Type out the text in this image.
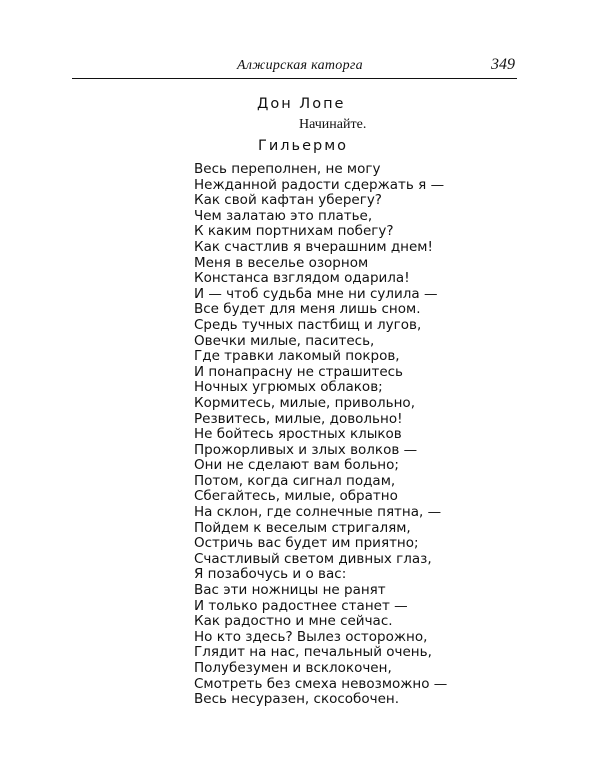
Алжирская каторга	349
Дон Лопе
Начинайте.
Гильермо
Весь переполнен, не могу
Нежданной радости сдержать я —
Как свой кафтан уберегу?
Чем залатаю это платье,
К каким портнихам побегу?
Как счастлив я вчерашним днем!
Меня в веселье озорном
Констанса взглядом одарила!
И — чтоб судьба мне ни сулила —
Все будет для меня лишь сном.
Средь тучных пастбищ и лугов,
Овечки милые, паситесь,
Где травки лакомый покров,
И понапрасну не страшитесь
Ночных угрюмых облаков;
Кормитесь, милые, привольно,
Резвитесь, милые, довольно!
Не бойтесь яростных клыков
Прожорливых и злых волков —
Они не сделают вам больно;
Потом, когда сигнал подам,
Сбегайтесь, милые, обратно
На склон, где солнечные пятна, —
Пойдем к веселым стригалям,
Остричь вас будет им приятно;
Счастливый светом дивных глаз,
Я позабочусь и о вас:
Вас эти ножницы не ранят
И только радостнее станет —
Как радостно и мне сейчас.
Но кто здесь? Вылез осторожно,
Глядит на нас, печальный очень,
Полубезумен и всклокочен,
Смотреть без смеха невозможно —
Весь несуразен, скособочен.
